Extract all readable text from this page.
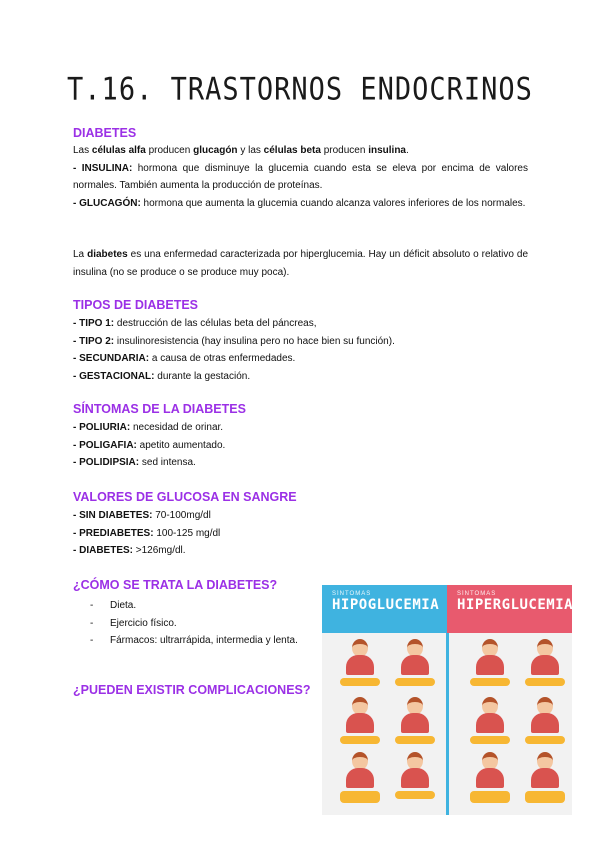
T.16. TRASTORNOS ENDOCRINOS
DIABETES
Las células alfa producen glucagón y las células beta producen insulina.
- INSULINA: hormona que disminuye la glucemia cuando esta se eleva por encima de valores normales. También aumenta la producción de proteínas.
- GLUCAGÓN: hormona que aumenta la glucemia cuando alcanza valores inferiores de los normales.
La diabetes es una enfermedad caracterizada por hiperglucemia. Hay un déficit absoluto o relativo de insulina (no se produce o se produce muy poca).
TIPOS DE DIABETES
- TIPO 1: destrucción de las células beta del páncreas,
- TIPO 2: insulinoresistencia (hay insulina pero no hace bien su función).
- SECUNDARIA: a causa de otras enfermedades.
- GESTACIONAL: durante la gestación.
SÍNTOMAS DE LA DIABETES
- POLIURIA: necesidad de orinar.
- POLIGAFIA: apetito aumentado.
- POLIDIPSIA: sed intensa.
VALORES DE GLUCOSA EN SANGRE
- SIN DIABETES: 70-100mg/dl
- PREDIABETES: 100-125 mg/dl
- DIABETES: >126mg/dl.
¿CÓMO SE TRATA LA DIABETES?
-	Dieta.
-	Ejercicio físico.
-	Fármacos: ultrarrápida, intermedia y lenta.
¿PUEDEN EXISTIR COMPLICACIONES?
SÍNTOMAS
HIPOGLUCEMIA
SÍNTOMAS
HIPERGLUCEMIA
